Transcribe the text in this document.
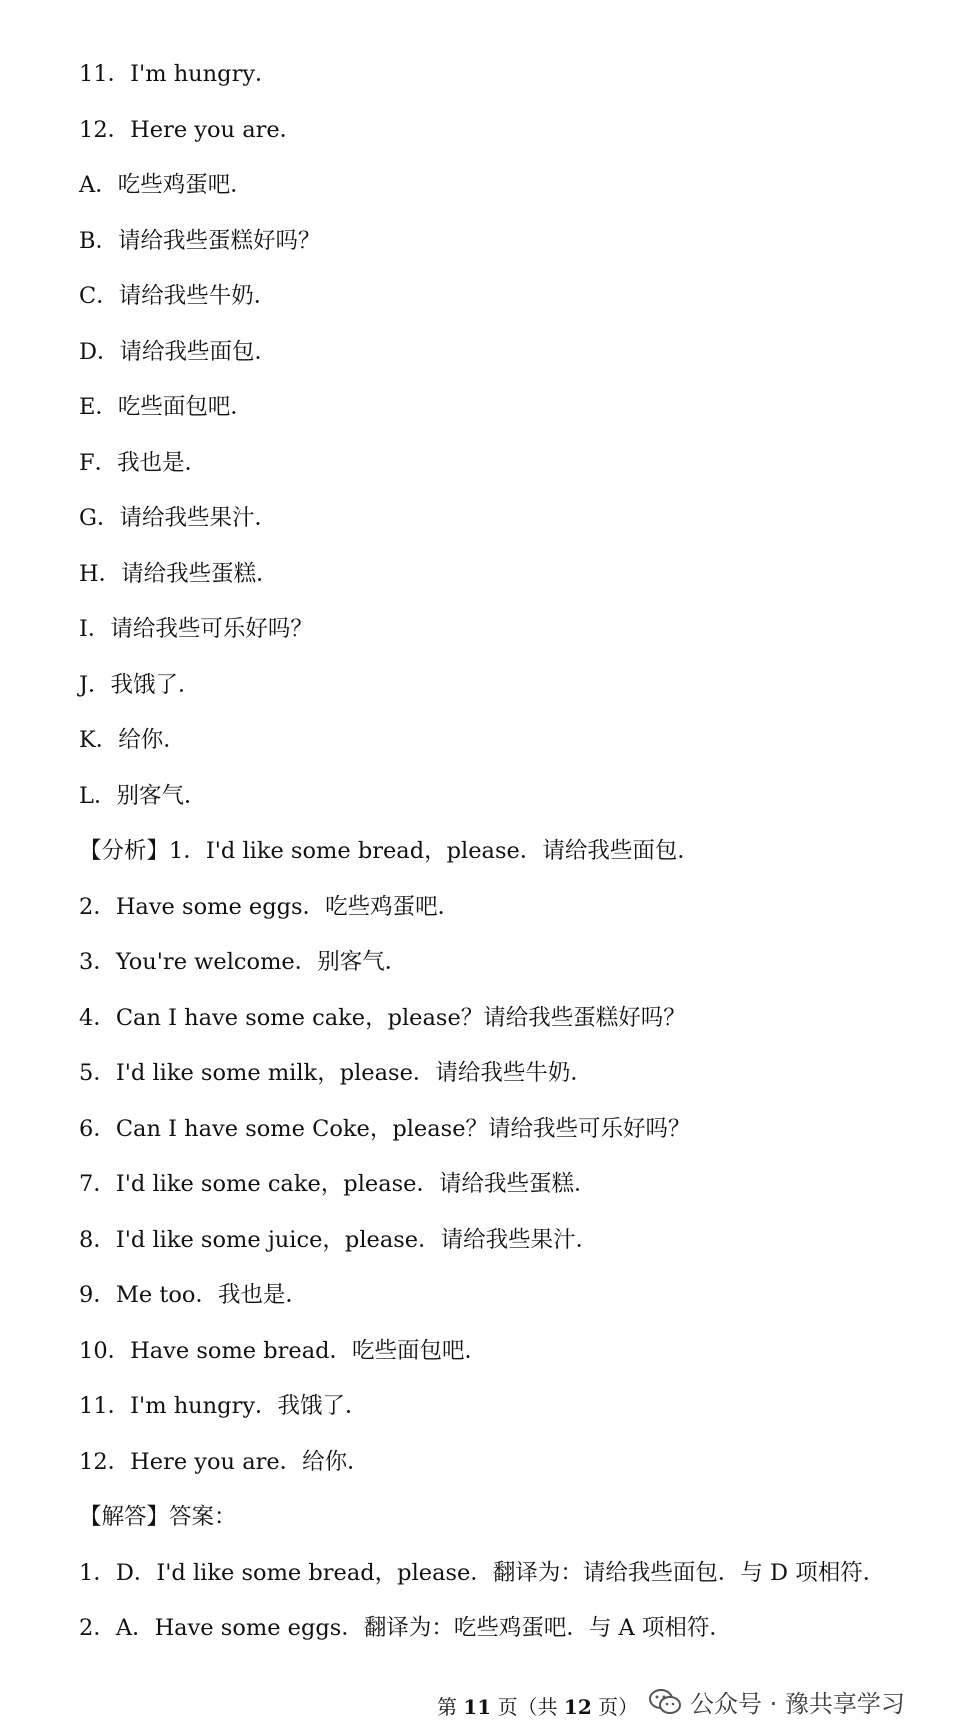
11．I'm hungry．
12．Here you are．
A．吃些鸡蛋吧．
B．请给我些蛋糕好吗？
C．请给我些牛奶．
D．请给我些面包．
E．吃些面包吧．
F．我也是．
G．请给我些果汁．
H．请给我些蛋糕．
I．请给我些可乐好吗？
J．我饿了．
K．给你．
L．别客气．
【分析】1．I'd like some bread，please．请给我些面包．
2．Have some eggs．吃些鸡蛋吧．
3．You're welcome．别客气．
4．Can I have some cake，please？请给我些蛋糕好吗？
5．I'd like some milk，please．请给我些牛奶．
6．Can I have some Coke，please？请给我些可乐好吗？
7．I'd like some cake，please．请给我些蛋糕．
8．I'd like some juice，please．请给我些果汁．
9．Me too．我也是．
10．Have some bread．吃些面包吧．
11．I'm hungry．我饿了．
12．Here you are．给你．
【解答】答案：
1．D．I'd like some bread，please．翻译为：请给我些面包．与 D 项相符．
2．A．Have some eggs．翻译为：吃些鸡蛋吧．与 A 项相符．
第 11 页（共 12 页） 公众号 · 豫共享学习
